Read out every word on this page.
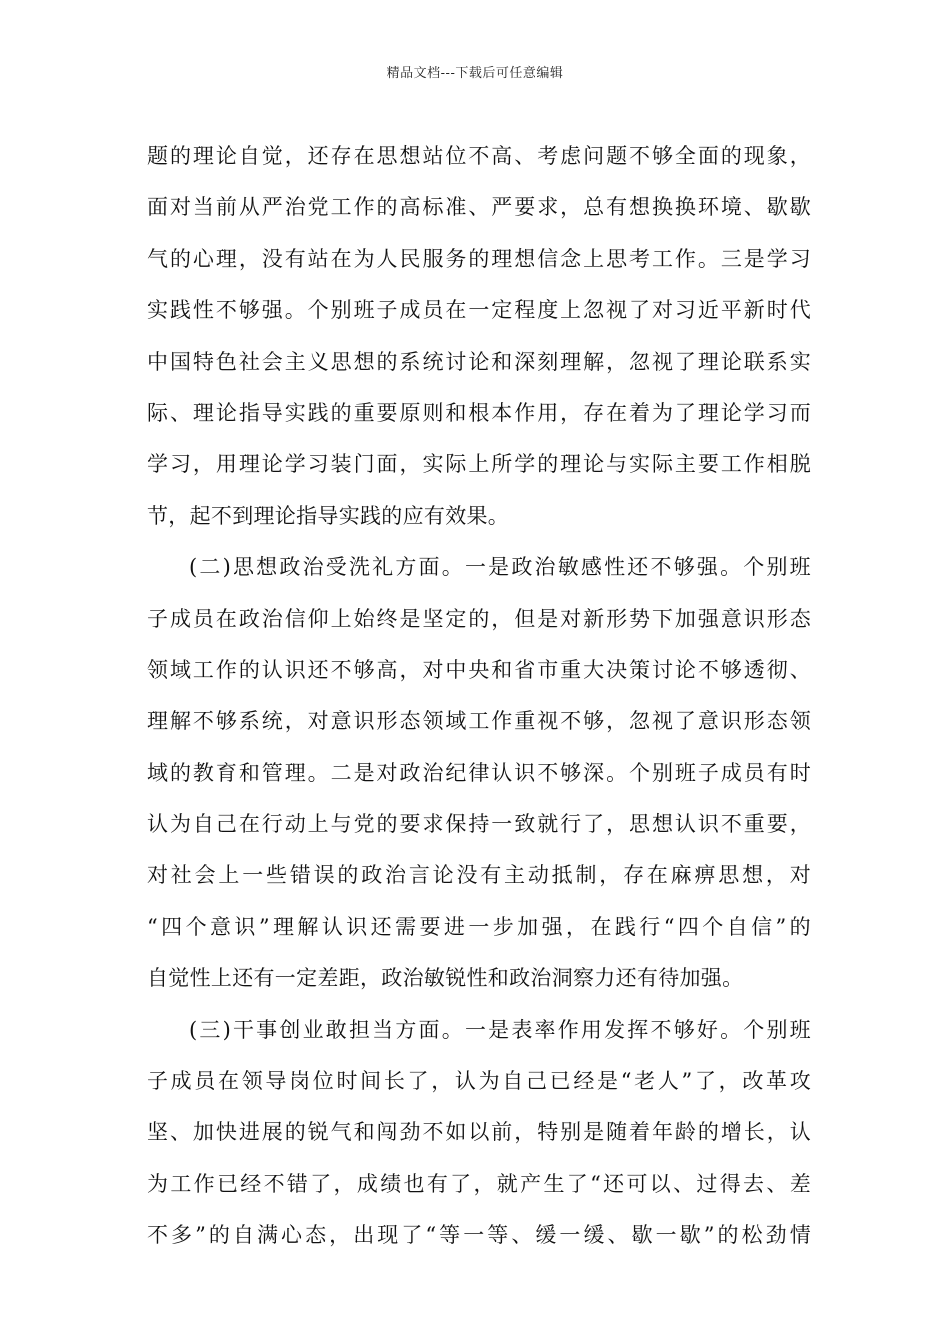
精品文档---下载后可任意编辑
题的理论自觉，还存在思想站位不高、考虑问题不够全面的现象，
面对当前从严治党工作的高标准、严要求，总有想换换环境、歇歇
气的心理，没有站在为人民服务的理想信念上思考工作。三是学习
实践性不够强。个别班子成员在一定程度上忽视了对习近平新时代
中国特色社会主义思想的系统讨论和深刻理解，忽视了理论联系实
际、理论指导实践的重要原则和根本作用，存在着为了理论学习而
学习，用理论学习装门面，实际上所学的理论与实际主要工作相脱
节，起不到理论指导实践的应有效果。
(二)思想政治受洗礼方面。一是政治敏感性还不够强。个别班
子成员在政治信仰上始终是坚定的，但是对新形势下加强意识形态
领域工作的认识还不够高，对中央和省市重大决策讨论不够透彻、
理解不够系统，对意识形态领域工作重视不够，忽视了意识形态领
域的教育和管理。二是对政治纪律认识不够深。个别班子成员有时
认为自己在行动上与党的要求保持一致就行了，思想认识不重要，
对社会上一些错误的政治言论没有主动抵制，存在麻痹思想，对
“四个意识”理解认识还需要进一步加强，在践行“四个自信”的
自觉性上还有一定差距，政治敏锐性和政治洞察力还有待加强。
(三)干事创业敢担当方面。一是表率作用发挥不够好。个别班
子成员在领导岗位时间长了，认为自己已经是“老人”了，改革攻
坚、加快进展的锐气和闯劲不如以前，特别是随着年龄的增长，认
为工作已经不错了，成绩也有了，就产生了“还可以、过得去、差
不多”的自满心态，出现了“等一等、缓一缓、歇一歇”的松劲情
